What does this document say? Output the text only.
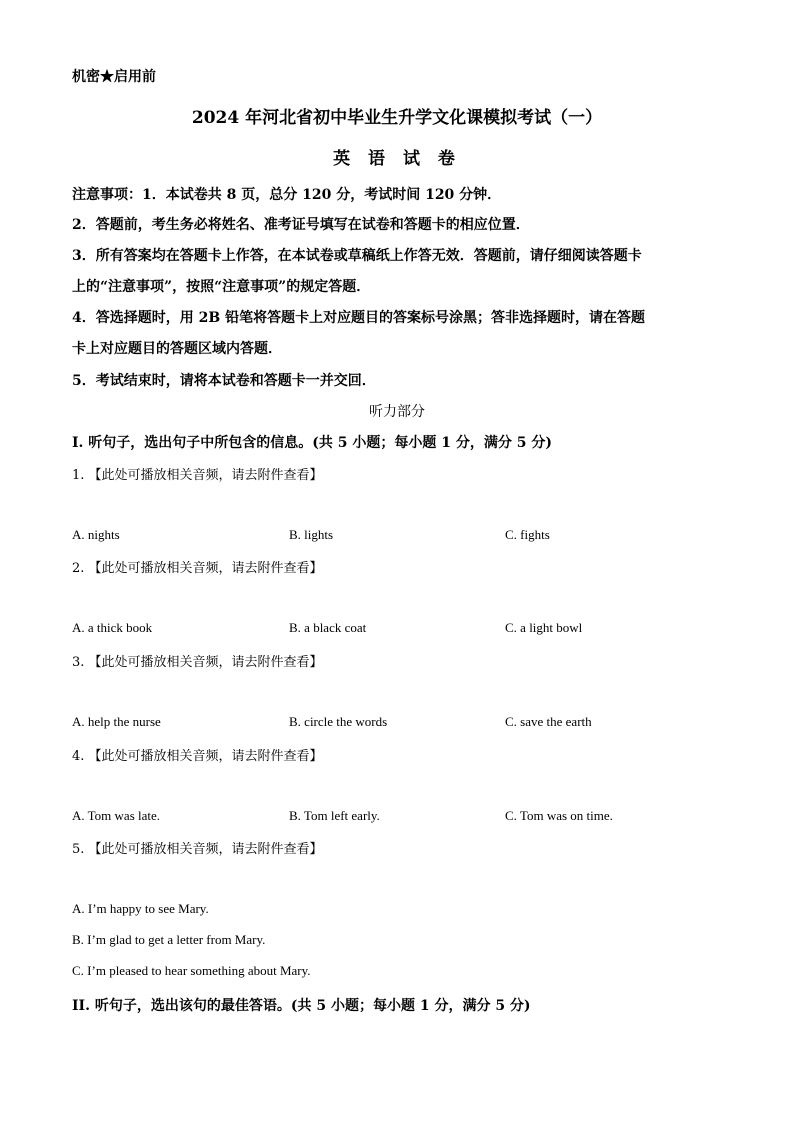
机密★启用前
2024 年河北省初中毕业生升学文化课模拟考试（一）
英 语 试 卷
注意事项：1．本试卷共 8 页，总分 120 分，考试时间 120 分钟．
2．答题前，考生务必将姓名、准考证号填写在试卷和答题卡的相应位置．
3．所有答案均在答题卡上作答，在本试卷或草稿纸上作答无效．答题前，请仔细阅读答题卡
上的“注意事项”，按照“注意事项”的规定答题．
4．答选择题时，用 2B 铅笔将答题卡上对应题目的答案标号涂黑；答非选择题时，请在答题
卡上对应题目的答题区域内答题．
5．考试结束时，请将本试卷和答题卡一并交回．
听力部分
I. 听句子，选出句子中所包含的信息。(共 5 小题；每小题 1 分，满分 5 分)
1. 【此处可播放相关音频，请去附件查看】
A. nights	B. lights	C. fights
2. 【此处可播放相关音频，请去附件查看】
A. a thick book	B. a black coat	C. a light bowl
3. 【此处可播放相关音频，请去附件查看】
A. help the nurse	B. circle the words	C. save the earth
4. 【此处可播放相关音频，请去附件查看】
A. Tom was late.	B. Tom left early.	C. Tom was on time.
5. 【此处可播放相关音频，请去附件查看】
A. I’m happy to see Mary.
B. I’m glad to get a letter from Mary.
C. I’m pleased to hear something about Mary.
II. 听句子，选出该句的最佳答语。(共 5 小题；每小题 1 分，满分 5 分)
